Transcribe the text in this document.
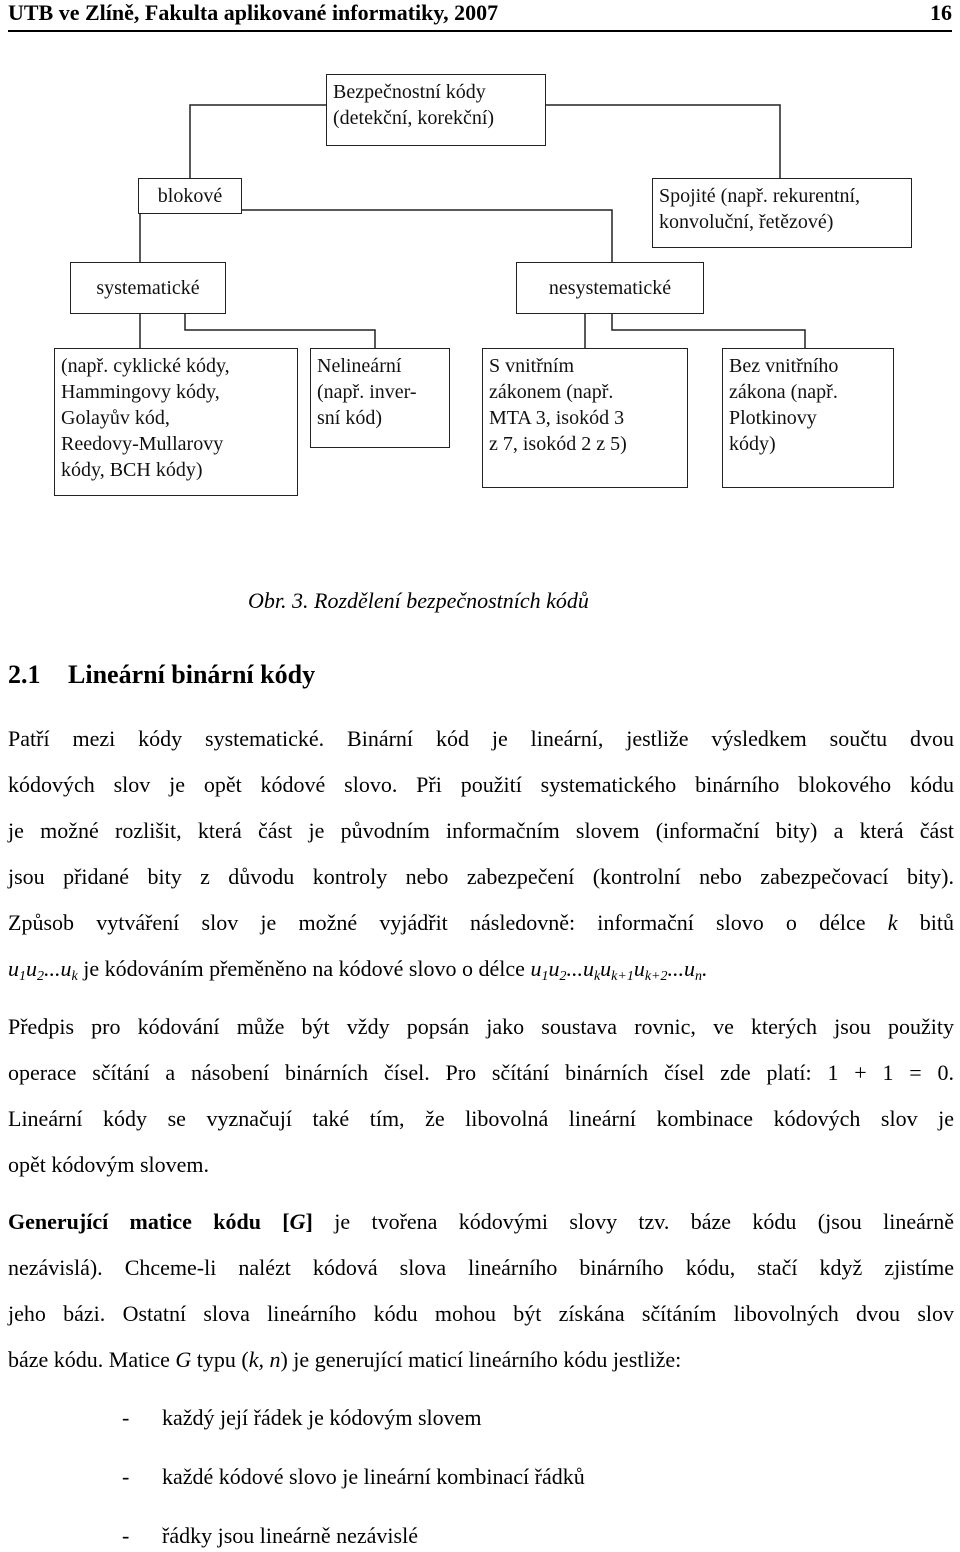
UTB ve Zlíně, Fakulta aplikované informatiky, 2007	16
Bezpečnostní kódy
(detekční, korekční)
blokové	Spojité (např. rekurentní,
konvoluční, řetězové)
systematické	nesystematické
(např. cyklické kódy,
Hammingovy kódy,
Golayův kód,
Reedovy-Mullarovy
kódy, BCH kódy)
Nelineární
(např. inver-
sní kód)
S vnitřním
zákonem (např.
MTA 3, isokód 3
z 7, isokód 2 z 5)
Bez vnitřního
zákona (např.
Plotkinovy
kódy)
Obr. 3. Rozdělení bezpečnostních kódů
2.1 Lineární binární kódy
Patří mezi kódy systematické. Binární kód je lineární, jestliže výsledkem součtu dvou
kódových slov je opět kódové slovo. Při použití systematického binárního blokového kódu
je možné rozlišit, která část je původním informačním slovem (informační bity) a která část
jsou přidané bity z důvodu kontroly nebo zabezpečení (kontrolní nebo zabezpečovací bity).
Způsob vytváření slov je možné vyjádřit následovně: informační slovo o délce k bitů
$u_1u_2...u_k$ je kódováním přeměněno na kódové slovo o délce $u_1u_2...u_ku_{k+1}u_{k+2}...u_n$.
Předpis pro kódování může být vždy popsán jako soustava rovnic, ve kterých jsou použity
operace sčítání a násobení binárních čísel. Pro sčítání binárních čísel zde platí: 1 + 1 = 0.
Lineární kódy se vyznačují také tím, že libovolná lineární kombinace kódových slov je
opět kódovým slovem.
Generující matice kódu [G] je tvořena kódovými slovy tzv. báze kódu (jsou lineárně
nezávislá). Chceme-li nalézt kódová slova lineárního binárního kódu, stačí když zjistíme
jeho bázi. Ostatní slova lineárního kódu mohou být získána sčítáním libovolných dvou slov
báze kódu. Matice G typu (k, n) je generující maticí lineárního kódu jestliže:
- každý její řádek je kódovým slovem
- každé kódové slovo je lineární kombinací řádků
- řádky jsou lineárně nezávislé
